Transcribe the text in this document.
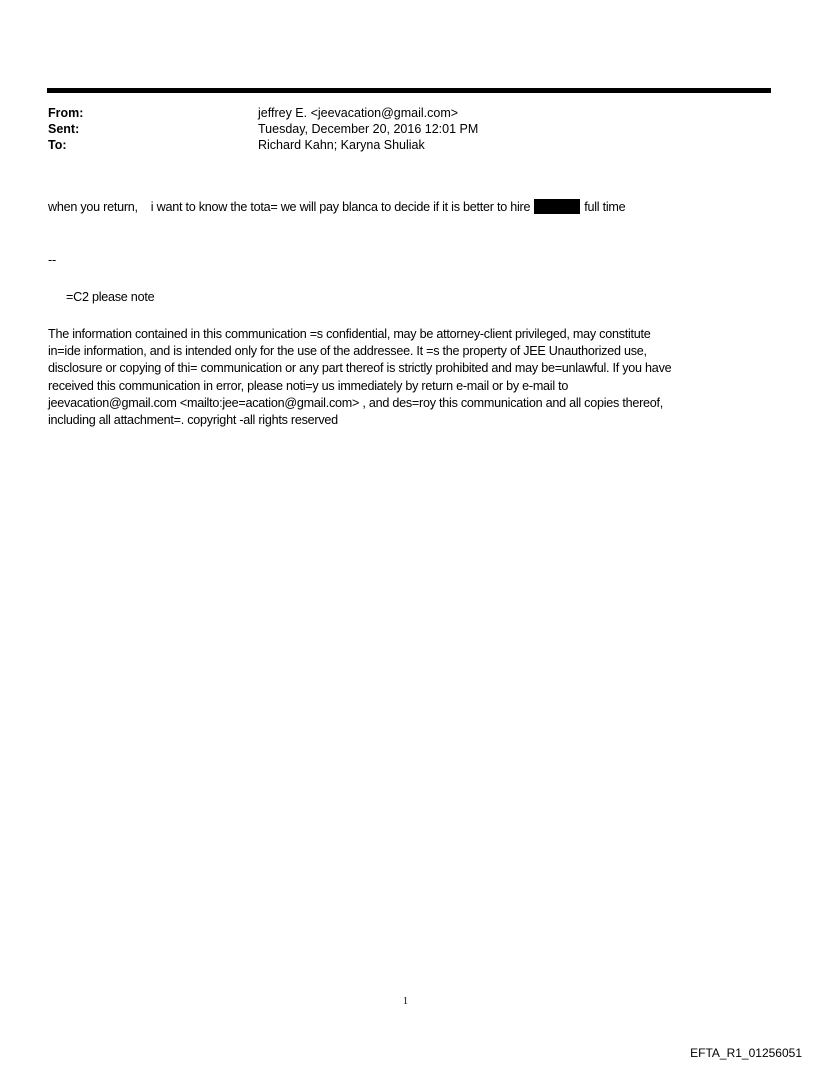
From:	jeffrey E. <jeevacation@gmail.com>
Sent:	Tuesday, December 20, 2016 12:01 PM
To:	Richard Kahn; Karyna Shuliak
when you return,    i want to know the tota= we will pay blanca to decide if it is better to hire	full time
--
=C2 please note
The information contained in this communication =s confidential, may be attorney-client privileged, may constitute
in=ide information, and is intended only for the use of the addressee. It =s the property of JEE Unauthorized use,
disclosure or copying of thi= communication or any part thereof is strictly prohibited and may be=unlawful. If you have
received this communication in error, please noti=y us immediately by return e-mail or by e-mail to
jeevacation@gmail.com <mailto:jee=acation@gmail.com> , and des=roy this communication and all copies thereof,
including all attachment=. copyright -all rights reserved
1
EFTA_R1_01256051
